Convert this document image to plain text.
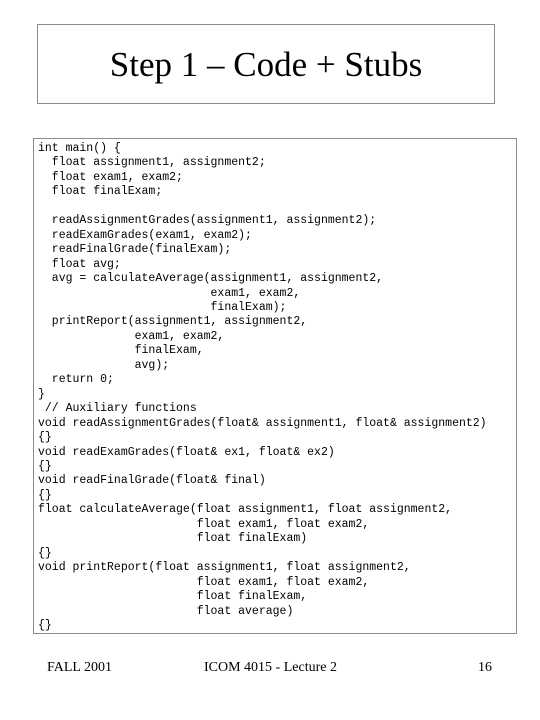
Step 1 – Code + Stubs
int main() {
float assignment1, assignment2;
float exam1, exam2;
float finalExam;

readAssignmentGrades(assignment1, assignment2);
readExamGrades(exam1, exam2);
readFinalGrade(finalExam);
float avg;
avg = calculateAverage(assignment1, assignment2,
exam1, exam2,
finalExam);
printReport(assignment1, assignment2,
exam1, exam2,
finalExam,
avg);
return 0;
}
// Auxiliary functions
void readAssignmentGrades(float& assignment1, float& assignment2)
{}
void readExamGrades(float& ex1, float& ex2)
{}
void readFinalGrade(float& final)
{}
float calculateAverage(float assignment1, float assignment2,
float exam1, float exam2,
float finalExam)
{}
void printReport(float assignment1, float assignment2,
float exam1, float exam2,
float finalExam,
float average)
{}

FALL 2001	ICOM 4015 - Lecture 2	16
